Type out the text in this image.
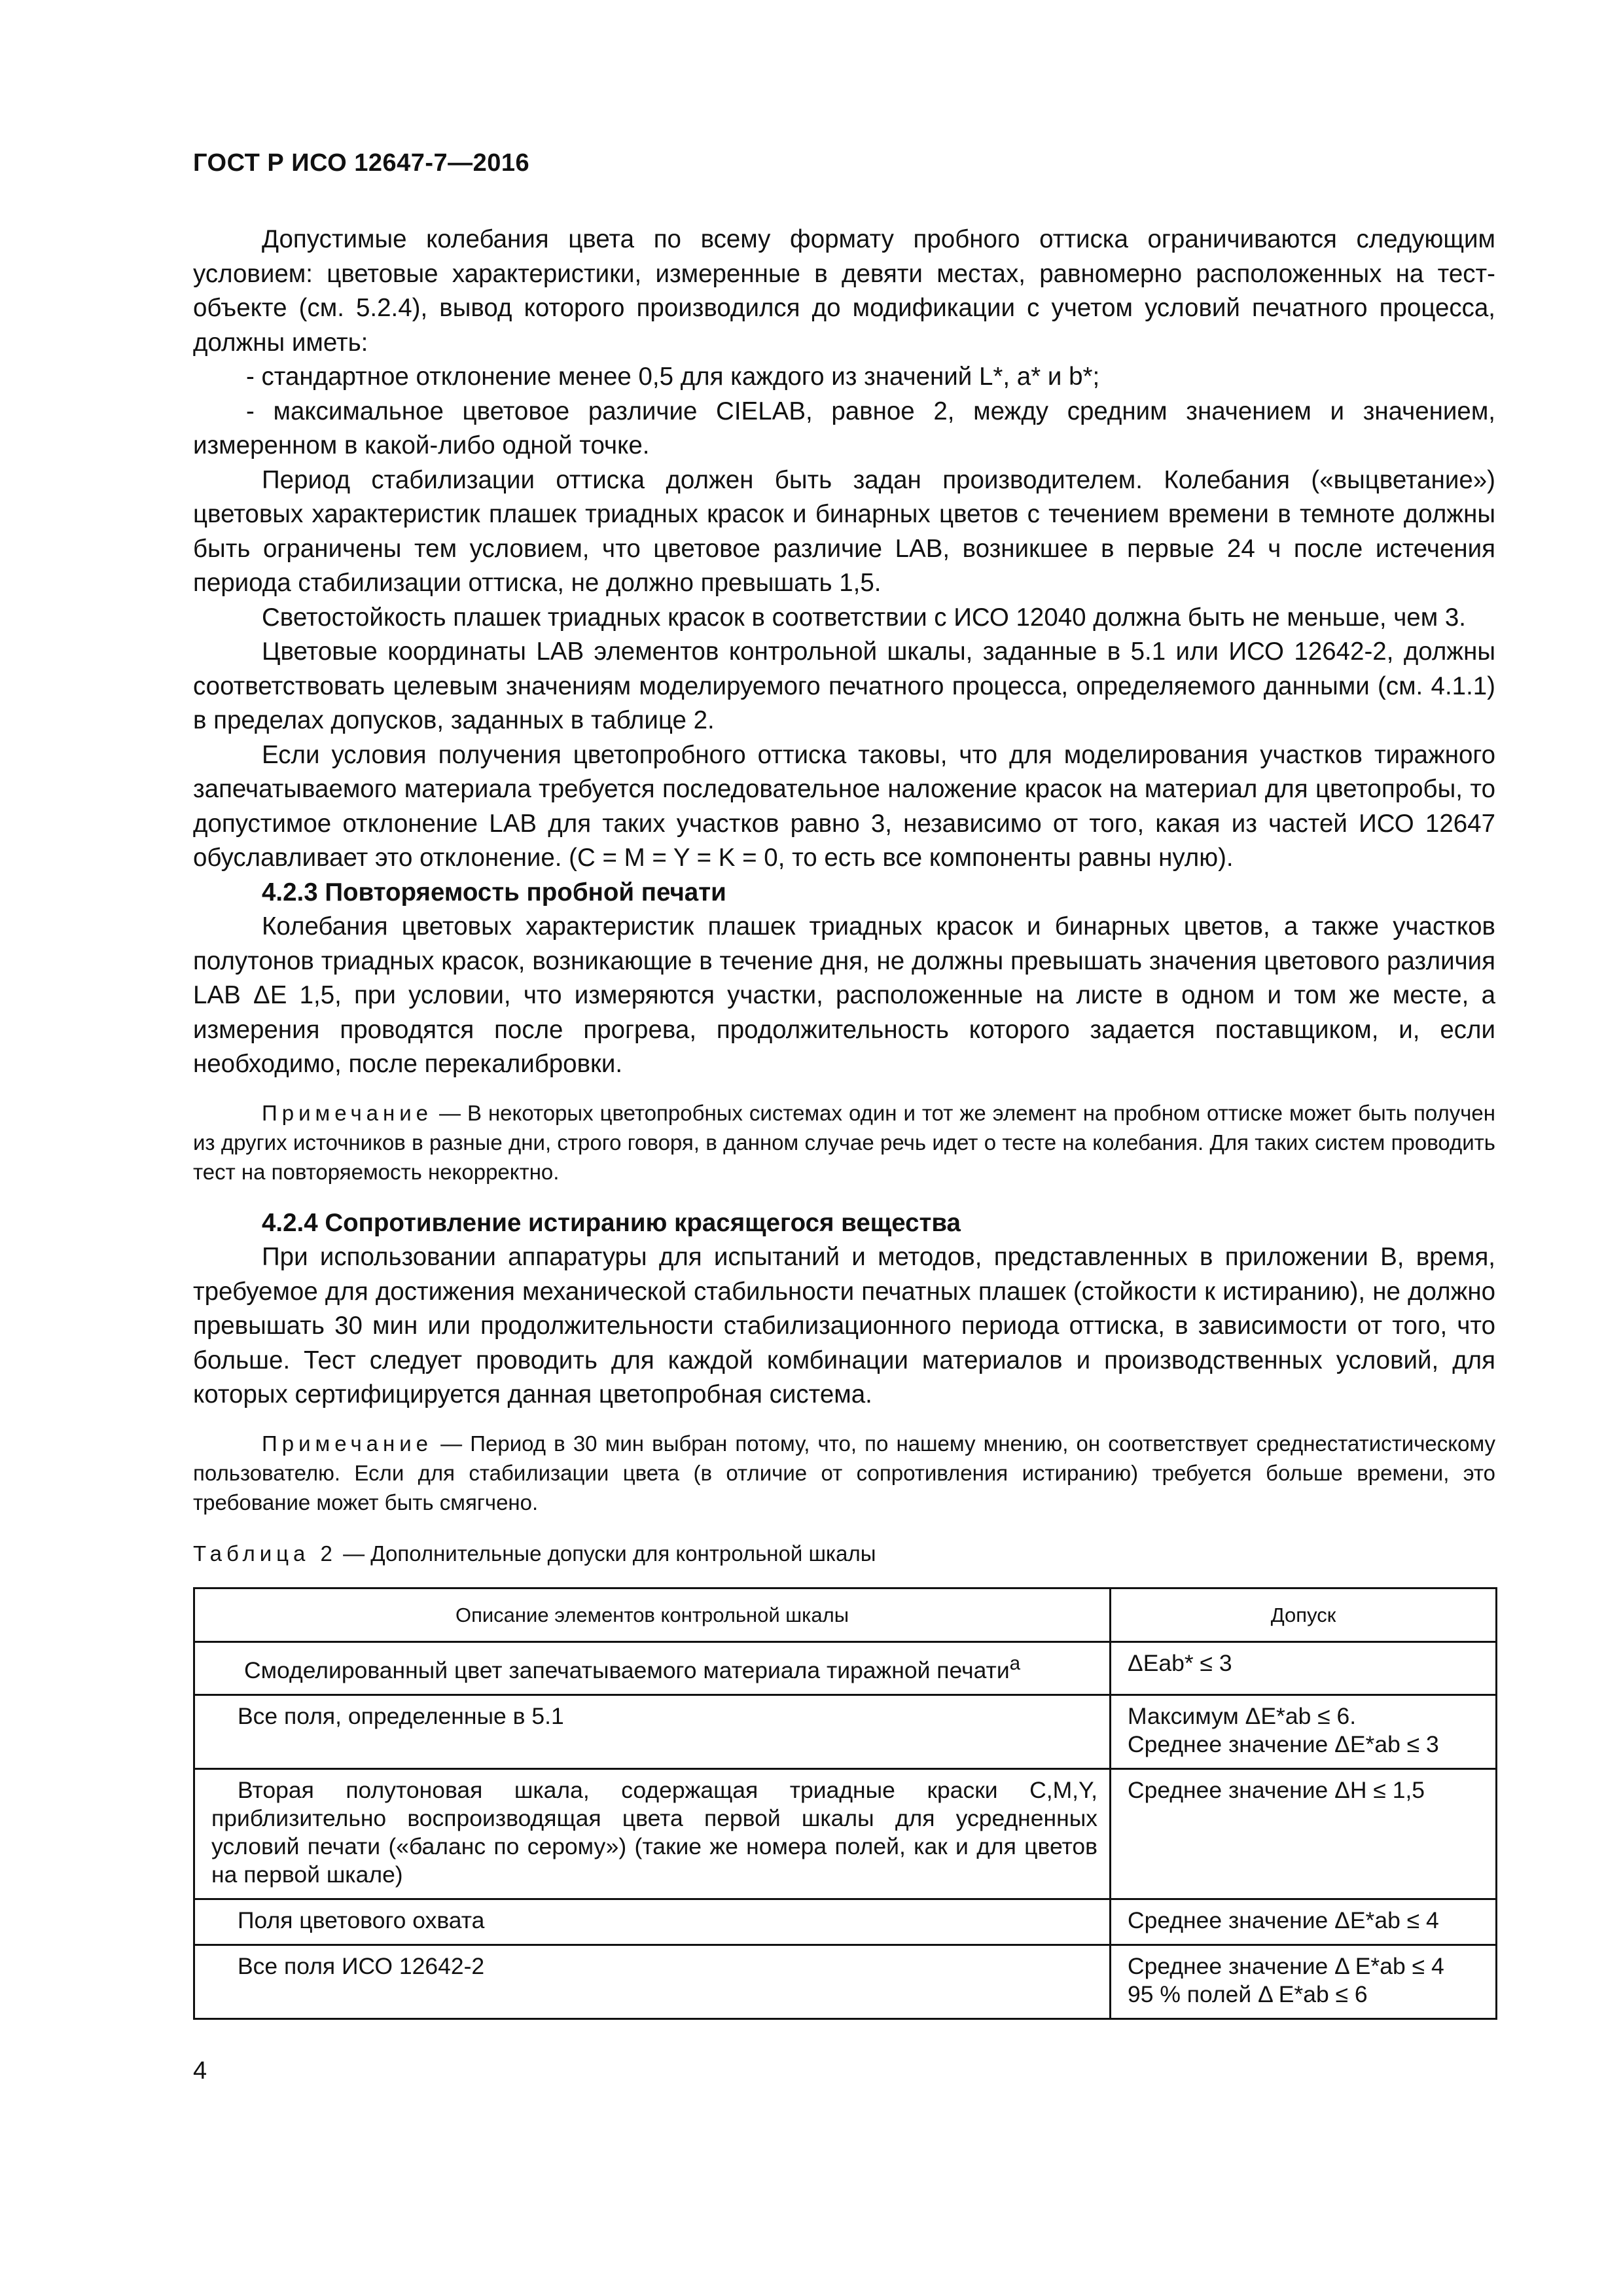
ГОСТ Р ИСО 12647-7—2016

Допустимые колебания цвета по всему формату пробного оттиска ограничиваются следующим условием: цветовые характеристики, измеренные в девяти местах, равномерно расположенных на тест-объекте (см. 5.2.4), вывод которого производился до модификации с учетом условий печатного процесса, должны иметь:

- стандартное отклонение менее 0,5 для каждого из значений L*, a* и b*;

- максимальное цветовое различие CIELAB, равное 2, между средним значением и значением, измеренном в какой-либо одной точке.

Период стабилизации оттиска должен быть задан производителем. Колебания («выцветание») цветовых характеристик плашек триадных красок и бинарных цветов с течением времени в темноте должны быть ограничены тем условием, что цветовое различие LAB, возникшее в первые 24 ч после истечения периода стабилизации оттиска, не должно превышать 1,5.

Светостойкость плашек триадных красок в соответствии с ИСО 12040 должна быть не меньше, чем 3.

Цветовые координаты LAB элементов контрольной шкалы, заданные в 5.1 или ИСО 12642-2, должны соответствовать целевым значениям моделируемого печатного процесса, определяемого данными (см. 4.1.1) в пределах допусков, заданных в таблице 2.

Если условия получения цветопробного оттиска таковы, что для моделирования участков тиражного запечатываемого материала требуется последовательное наложение красок на материал для цветопробы, то допустимое отклонение LAB для таких участков равно 3, независимо от того, какая из частей ИСО 12647 обуславливает это отклонение. (C = M = Y = K = 0, то есть все компоненты равны нулю).

4.2.3 Повторяемость пробной печати

Колебания цветовых характеристик плашек триадных красок и бинарных цветов, а также участков полутонов триадных красок, возникающие в течение дня, не должны превышать значения цветового различия LAB ΔE 1,5, при условии, что измеряются участки, расположенные на листе в одном и том же месте, а измерения проводятся после прогрева, продолжительность которого задается поставщиком, и, если необходимо, после перекалибровки.

Примечание — В некоторых цветопробных системах один и тот же элемент на пробном оттиске может быть получен из других источников в разные дни, строго говоря, в данном случае речь идет о тесте на колебания. Для таких систем проводить тест на повторяемость некорректно.
4.2.4 Сопротивление истиранию красящегося вещества

При использовании аппаратуры для испытаний и методов, представленных в приложении В, время, требуемое для достижения механической стабильности печатных плашек (стойкости к истиранию), не должно превышать 30 мин или продолжительности стабилизационного периода оттиска, в зависимости от того, что больше. Тест следует проводить для каждой комбинации материалов и производственных условий, для которых сертифицируется данная цветопробная система.

Примечание — Период в 30 мин выбран потому, что, по нашему мнению, он соответствует среднестатистическому пользователю. Если для стабилизации цвета (в отличие от сопротивления истиранию) требуется больше времени, это требование может быть смягчено.
Таблица 2 — Дополнительные допуски для контрольной шкалы
Описание элементов контрольной шкалы	Допуск
Смоделированный цвет запечатываемого материала тиражной печати$^a$	ΔEab* ≤ 3

Все поля, определенные в 5.1	Максимум ΔE*ab ≤ 6.
Среднее значение ΔE*ab ≤ 3

Вторая полутоновая шкала, содержащая триадные краски C,M,Y, приблизительно воспроизводящая цвета первой шкалы для усредненных условий печати («баланс по серому») (такие же номера полей, как и для цветов на первой шкале)	Среднее значение ΔH ≤ 1,5

Поля цветового охвата	Среднее значение ΔE*ab ≤ 4

Все поля ИСО 12642-2	Среднее значение Δ E*ab ≤ 4
95 % полей Δ E*ab ≤ 6
4
